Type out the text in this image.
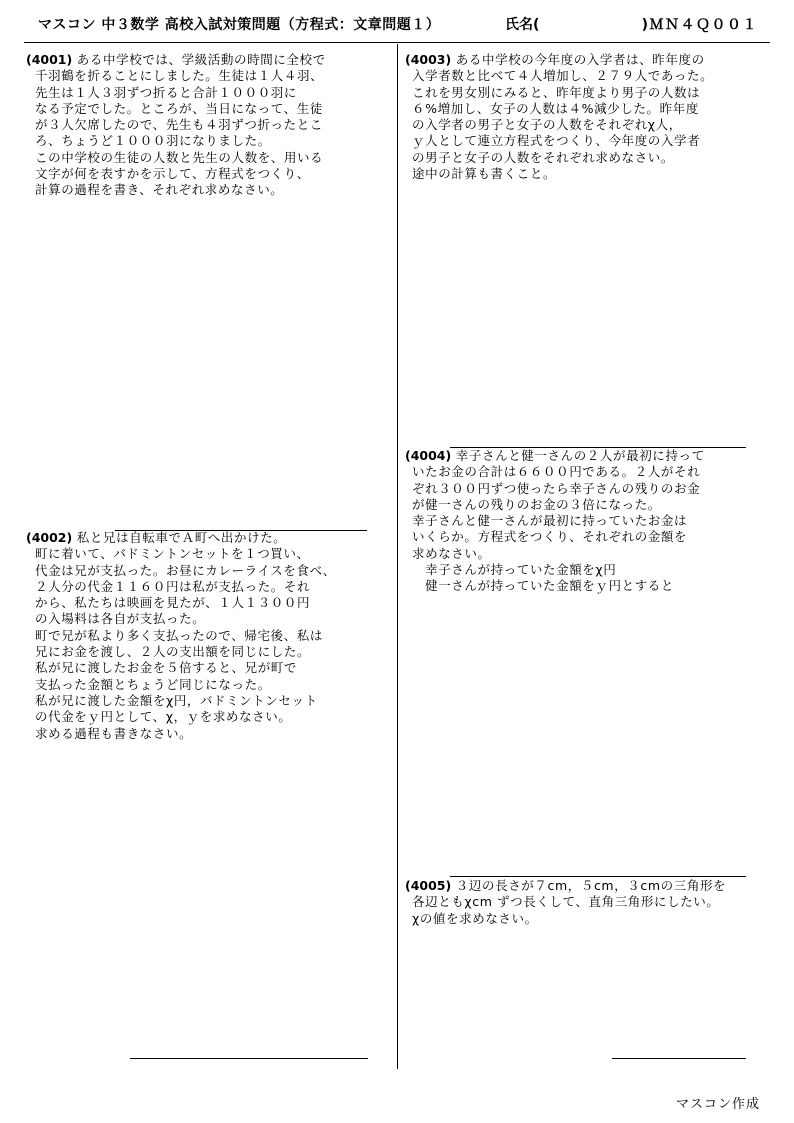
マスコン 中３数学 高校入試対策問題（方程式：文章問題１）	氏名(	)ＭＮ４Ｑ００１
(4001) ある中学校では、学級活動の時間に全校で
千羽鶴を折ることにしました。生徒は１人４羽、
先生は１人３羽ずつ折ると合計１０００羽に
なる予定でした。ところが、当日になって、生徒
が３人欠席したので、先生も４羽ずつ折ったとこ
ろ、ちょうど１０００羽になりました。
この中学校の生徒の人数と先生の人数を、用いる
文字が何を表すかを示して、方程式をつくり、
計算の過程を書き、それぞれ求めなさい。
(4002) 私と兄は自転車でＡ町へ出かけた。
町に着いて、バドミントンセットを１つ買い、
代金は兄が支払った。お昼にカレーライスを食べ、
２人分の代金１１６０円は私が支払った。それ
から、私たちは映画を見たが、１人１３００円
の入場料は各自が支払った。
町で兄が私より多く支払ったので、帰宅後、私は
兄にお金を渡し、２人の支出額を同じにした。
私が兄に渡したお金を５倍すると、兄が町で
支払った金額とちょうど同じになった。
私が兄に渡した金額をχ円，バドミントンセット
の代金をｙ円として、χ，ｙを求めなさい。
求める過程も書きなさい。
(4003) ある中学校の今年度の入学者は、昨年度の
入学者数と比べて４人増加し、２７９人であった。
これを男女別にみると、昨年度より男子の人数は
６%増加し、女子の人数は４%減少した。昨年度
の入学者の男子と女子の人数をそれぞれχ人，
ｙ人として連立方程式をつくり、今年度の入学者
の男子と女子の人数をそれぞれ求めなさい。
途中の計算も書くこと。
(4004) 幸子さんと健一さんの２人が最初に持って
いたお金の合計は６６００円である。２人がそれ
ぞれ３００円ずつ使ったら幸子さんの残りのお金
が健一さんの残りのお金の３倍になった。
幸子さんと健一さんが最初に持っていたお金は
いくらか。方程式をつくり、それぞれの金額を
求めなさい。
　幸子さんが持っていた金額をχ円
　健一さんが持っていた金額をｙ円とすると
(4005) ３辺の長さが７cm，５cm，３cmの三角形を
各辺ともχcm ずつ長くして、直角三角形にしたい。
χの値を求めなさい。
マスコン作成
